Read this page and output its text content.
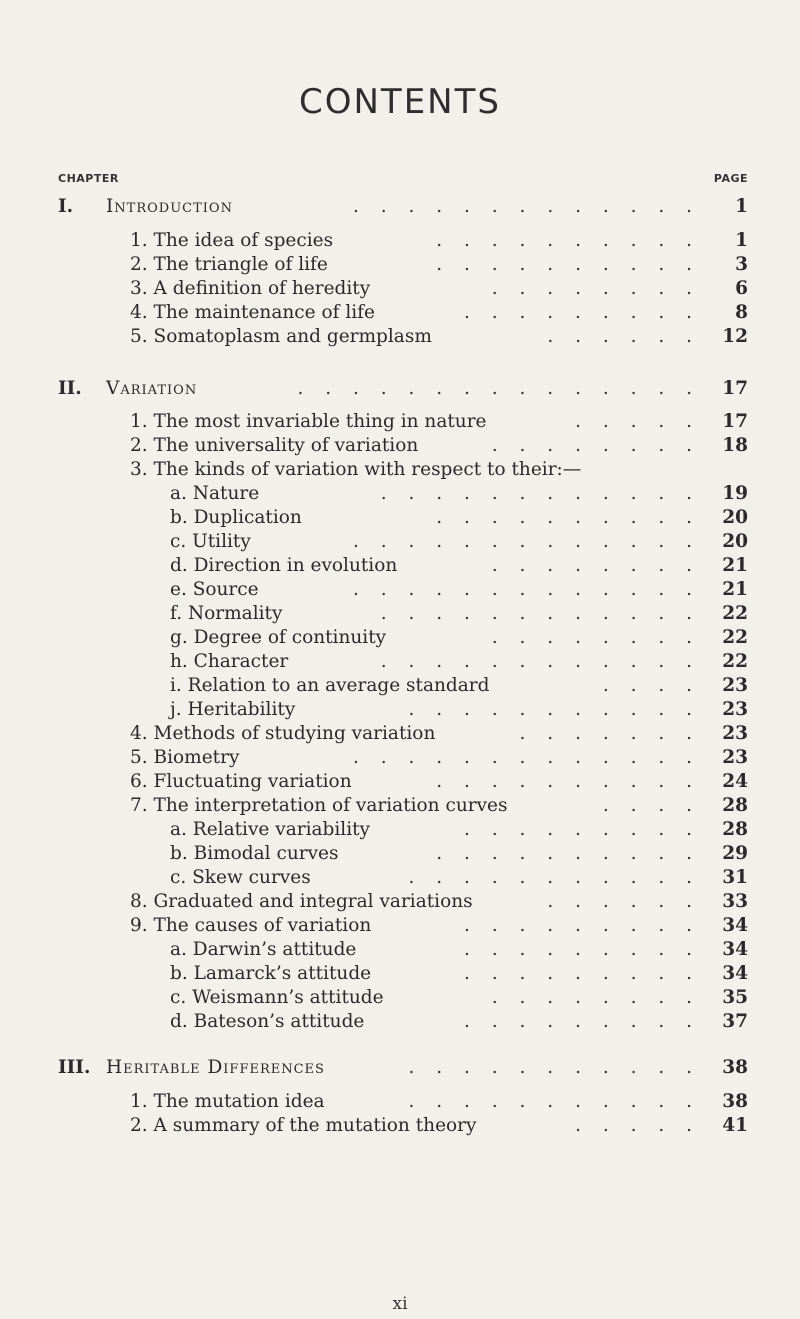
CONTENTS
CHAPTER	PAGE
I. Introduction	. . . . . . . . . . . . .	1
1. The idea of species	. . . . . . . . . .	1
2. The triangle of life	. . . . . . . . . .	3
3. A definition of heredity	. . . . . . . .	6
4. The maintenance of life	. . . . . . . . .	8
5. Somatoplasm and germplasm	. . . . . .	12
II. Variation	. . . . . . . . . . . . . . .	17
1. The most invariable thing in nature	. . . . .	17
2. The universality of variation	. . . . . . . .	18
3. The kinds of variation with respect to their:—
a. Nature	. . . . . . . . . . . .	19
b. Duplication	. . . . . . . . . .	20
c. Utility	. . . . . . . . . . . . .	20
d. Direction in evolution	. . . . . . . .	21
e. Source	. . . . . . . . . . . . .	21
f. Normality	. . . . . . . . . . . .	22
g. Degree of continuity	. . . . . . . .	22
h. Character	. . . . . . . . . . . .	22
i. Relation to an average standard	. . . .	23
j. Heritability	. . . . . . . . . . .	23
4. Methods of studying variation	. . . . . . .	23
5. Biometry	. . . . . . . . . . . . .	23
6. Fluctuating variation	. . . . . . . . . .	24
7. The interpretation of variation curves	. . . .	28
a. Relative variability	. . . . . . . . .	28
b. Bimodal curves	. . . . . . . . . .	29
c. Skew curves	. . . . . . . . . . .	31
8. Graduated and integral variations	. . . . . .	33
9. The causes of variation	. . . . . . . . .	34
a. Darwin’s attitude	. . . . . . . . .	34
b. Lamarck’s attitude	. . . . . . . . .	34
c. Weismann’s attitude	. . . . . . . .	35
d. Bateson’s attitude	. . . . . . . . .	37
III. Heritable Differences	. . . . . . . . . . .	38
1. The mutation idea	. . . . . . . . . . .	38
2. A summary of the mutation theory	. . . . .	41
xi
